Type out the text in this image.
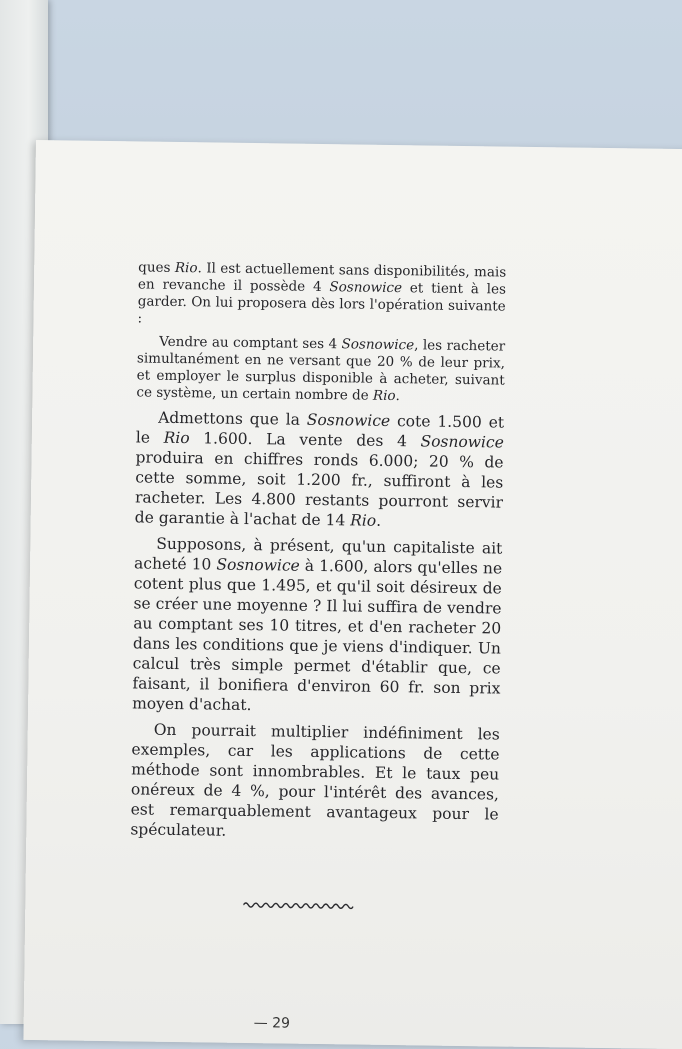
ques Rio. Il est actuellement sans disponibilités, mais en revanche il possède 4 Sosnowice et tient à les garder. On lui proposera dès lors l'opération suivante :

Vendre au comptant ses 4 Sosnowice, les racheter simultanément en ne versant que 20 % de leur prix, et employer le surplus disponible à acheter, suivant ce système, un certain nombre de Rio.

Admettons que la Sosnowice cote 1.500 et le Rio 1.600. La vente des 4 Sosnowice produira en chiffres ronds 6.000; 20 % de cette somme, soit 1.200 fr., suffiront à les racheter. Les 4.800 restants pourront servir de garantie à l'achat de 14 Rio.

Supposons, à présent, qu'un capitaliste ait acheté 10 Sosnowice à 1.600, alors qu'elles ne cotent plus que 1.495, et qu'il soit désireux de se créer une moyenne ? Il lui suffira de vendre au comptant ses 10 titres, et d'en racheter 20 dans les conditions que je viens d'indiquer. Un calcul très simple permet d'établir que, ce faisant, il bonifiera d'environ 60 fr. son prix moyen d'achat.

On pourrait multiplier indéfiniment les exemples, car les applications de cette méthode sont innombrables. Et le taux peu onéreux de 4 %, pour l'intérêt des avances, est remarquablement avantageux pour le spéculateur.

— 29
